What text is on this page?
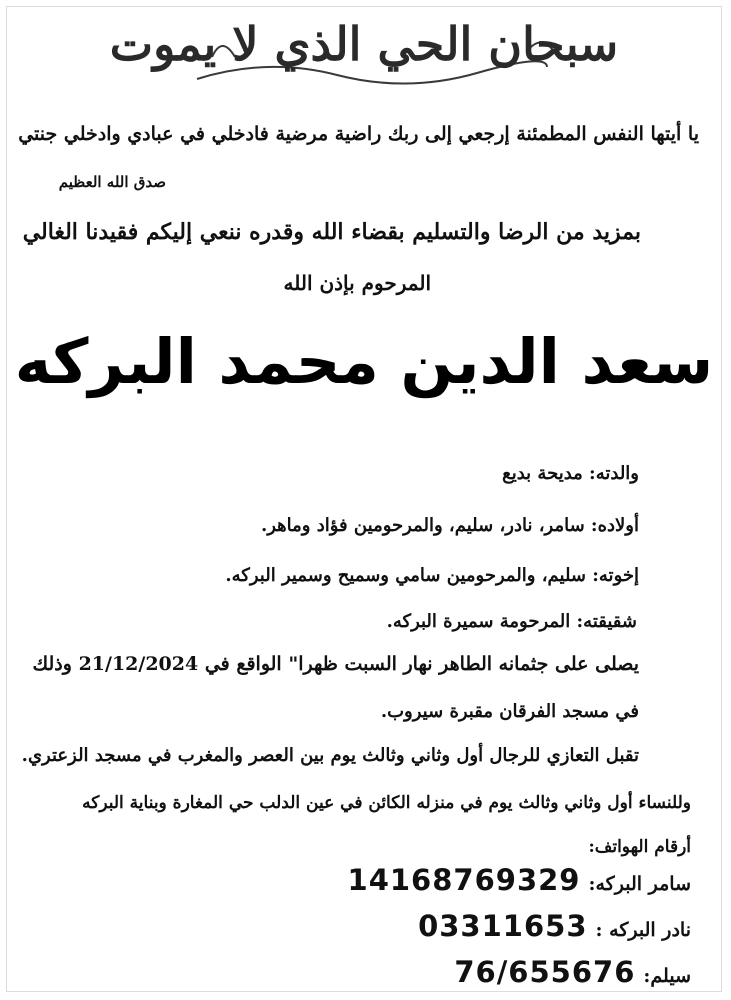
سبحان الحي الذي لا يموت
يا أيتها النفس المطمئنة إرجعي إلى ربك راضية مرضية فادخلي في عبادي وادخلي جنتي
صدق الله العظيم
بمزيد من الرضا والتسليم بقضاء الله وقدره ننعي إليكم فقيدنا الغالي
المرحوم بإذن الله
سعد الدين محمد البركه
والدته: مديحة بديع
أولاده: سامر، نادر، سليم، والمرحومين فؤاد وماهر.
إخوته: سليم، والمرحومين سامي وسميح وسمير البركه.
شقيقته: المرحومة سميرة البركه.
يصلى على جثمانه الطاهر نهار السبت ظهرا" الواقع في 21/12/2024 وذلك
في مسجد الفرقان مقبرة سيروب.
تقبل التعازي للرجال أول وثاني وثالث يوم بين العصر والمغرب في مسجد الزعتري.
وللنساء أول وثاني وثالث يوم في منزله الكائن في عين الدلب حي المغارة وبناية البركه
أرقام الهواتف:
سامر البركه:
14168769329
نادر البركه :
03311653
سيلم:
76/655676
